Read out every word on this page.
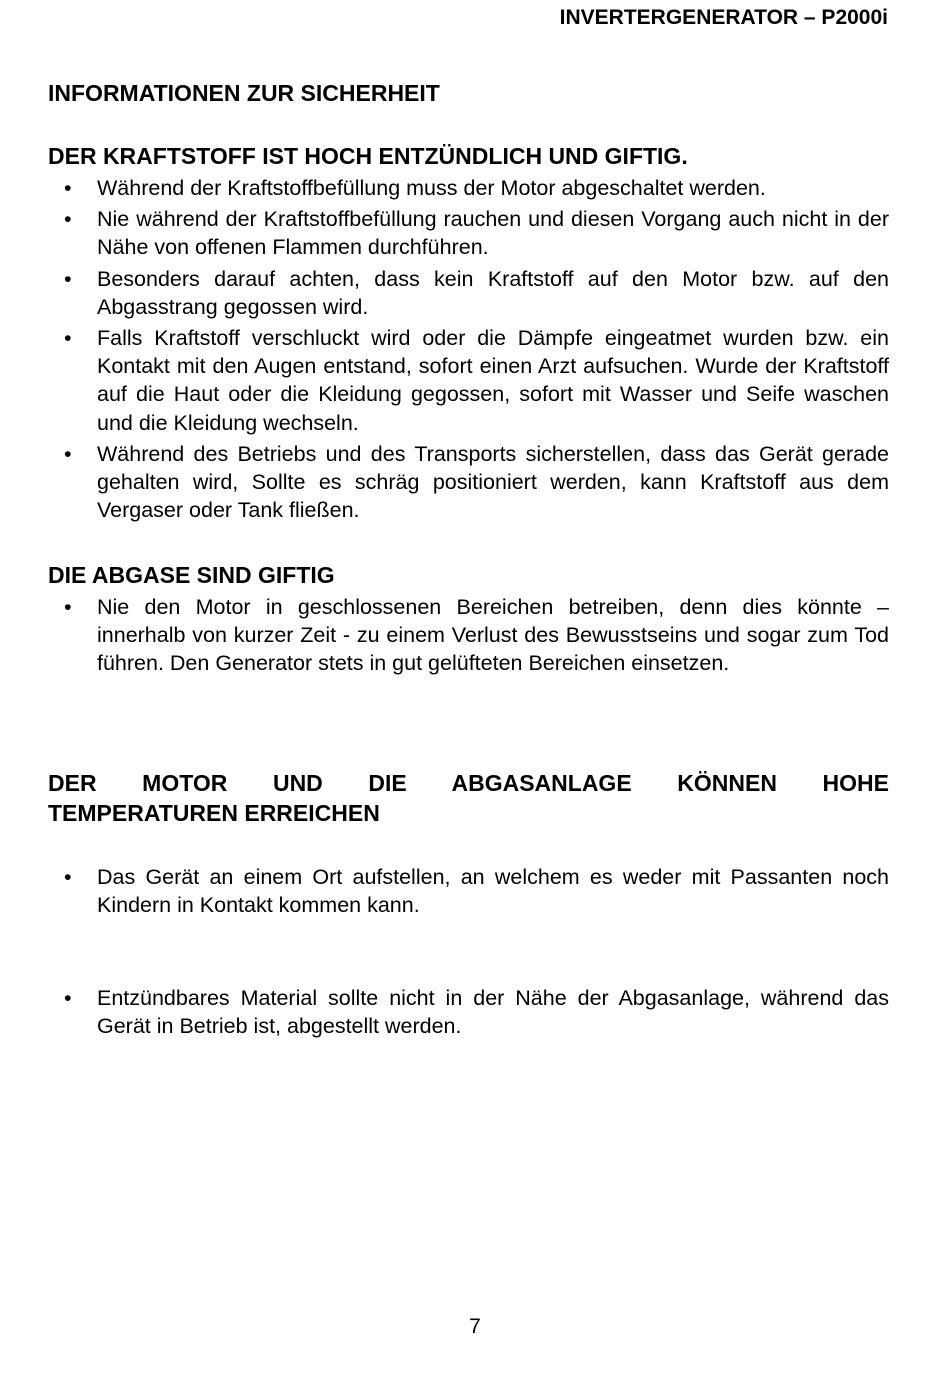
INVERTERGENERATOR – P2000i
INFORMATIONEN ZUR SICHERHEIT
DER KRAFTSTOFF IST HOCH ENTZÜNDLICH UND GIFTIG.
• Während der Kraftstoffbefüllung muss der Motor abgeschaltet werden.
• Nie während der Kraftstoffbefüllung rauchen und diesen Vorgang auch nicht in der Nähe von offenen Flammen durchführen.
• Besonders darauf achten, dass kein Kraftstoff auf den Motor bzw. auf den Abgasstrang gegossen wird.
• Falls Kraftstoff verschluckt wird oder die Dämpfe eingeatmet wurden bzw. ein Kontakt mit den Augen entstand, sofort einen Arzt aufsuchen. Wurde der Kraftstoff auf die Haut oder die Kleidung gegossen, sofort mit Wasser und Seife waschen und die Kleidung wechseln.
• Während des Betriebs und des Transports sicherstellen, dass das Gerät gerade gehalten wird, Sollte es schräg positioniert werden, kann Kraftstoff aus dem Vergaser oder Tank fließen.
DIE ABGASE SIND GIFTIG
• Nie den Motor in geschlossenen Bereichen betreiben, denn dies könnte – innerhalb von kurzer Zeit - zu einem Verlust des Bewusstseins und sogar zum Tod führen. Den Generator stets in gut gelüfteten Bereichen einsetzen.
DER MOTOR UND DIE ABGASANLAGE KÖNNEN HOHE
TEMPERATUREN ERREICHEN
• Das Gerät an einem Ort aufstellen, an welchem es weder mit Passanten noch Kindern in Kontakt kommen kann.
• Entzündbares Material sollte nicht in der Nähe der Abgasanlage, während das Gerät in Betrieb ist, abgestellt werden.
7
